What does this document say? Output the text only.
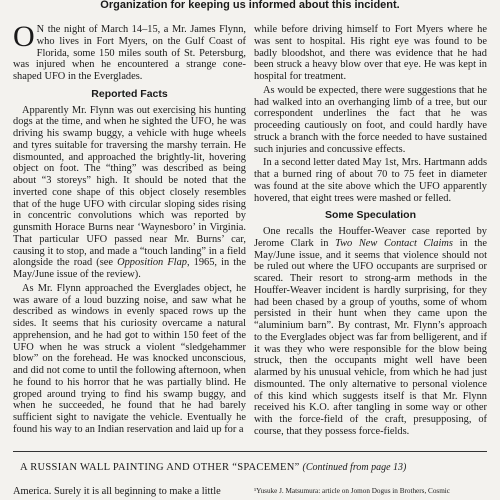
Organization for keeping us informed about this incident.

O N the night of March 14–15, a Mr. James Flynn, who lives in Fort Myers, on the Gulf Coast of Florida, some 150 miles south of St. Petersburg, was injured when he encountered a strange cone-shaped UFO in the Everglades.

Reported Facts

Apparently Mr. Flynn was out exercising his hunting dogs at the time, and when he sighted the UFO, he was driving his swamp buggy, a vehicle with huge wheels and tyres suitable for traversing the marshy terrain. He dismounted, and approached the brightly-lit, hovering object on foot. The “thing” was described as being about “3 storeys” high. It should be noted that the inverted cone shape of this object closely resembles that of the huge UFO with circular sloping sides rising in concentric convolutions which was reported by gunsmith Horace Burns near ‘Waynesboro’ in Virginia. That particular UFO passed near Mr. Burns’ car, causing it to stop, and made a “touch landing” in a field alongside the road (see Opposition Flap, 1965, in the May/June issue of the review).

As Mr. Flynn approached the Everglades object, he was aware of a loud buzzing noise, and saw what he described as windows in evenly spaced rows up the sides. It seems that his curiosity overcame a natural apprehension, and he had got to within 150 feet of the UFO when he was struck a violent “sledgehammer blow” on the forehead. He was knocked unconscious, and did not come to until the following afternoon, when he found to his horror that he was partially blind. He groped around trying to find his swamp buggy, and when he succeeded, he found that he had barely sufficient sight to navigate the vehicle. Eventually he found his way to an Indian reservation and laid up for a

while before driving himself to Fort Myers where he was sent to hospital. His right eye was found to be badly bloodshot, and there was evidence that he had been struck a heavy blow over that eye. He was kept in hospital for treatment.

As would be expected, there were suggestions that he had walked into an overhanging limb of a tree, but our correspondent underlines the fact that he was proceeding cautiously on foot, and could hardly have struck a branch with the force needed to have sustained such injuries and concussive effects.

In a second letter dated May 1st, Mrs. Hartmann adds that a burned ring of about 70 to 75 feet in diameter was found at the site above which the UFO apparently hovered, that eight trees were mashed or felled.

Some Speculation

One recalls the Houffer-Weaver case reported by Jerome Clark in Two New Contact Claims in the May/June issue, and it seems that violence should not be ruled out where the UFO occupants are surprised or scared. Their resort to strong-arm methods in the Houffer-Weaver incident is hardly surprising, for they had been chased by a group of youths, some of whom persisted in their hunt when they came upon the “aluminium barn”. By contrast, Mr. Flynn’s approach to the Everglades object was far from belligerent, and if it was they who were responsible for the blow being struck, then the occupants might well have been alarmed by his unusual vehicle, from which he had just dismounted. The only alternative to personal violence of this kind which suggests itself is that Mr. Flynn received his K.O. after tangling in some way or other with the force-field of the craft, presupposing, of course, that they possess force-fields.

A RUSSIAN WALL PAINTING AND OTHER “SPACEMEN” (Continued from page 13)
America. Surely it is all beginning to make a little	¹Yusuke J. Matsumura: article on Jomon Dogus in Brothers, Cosmic
